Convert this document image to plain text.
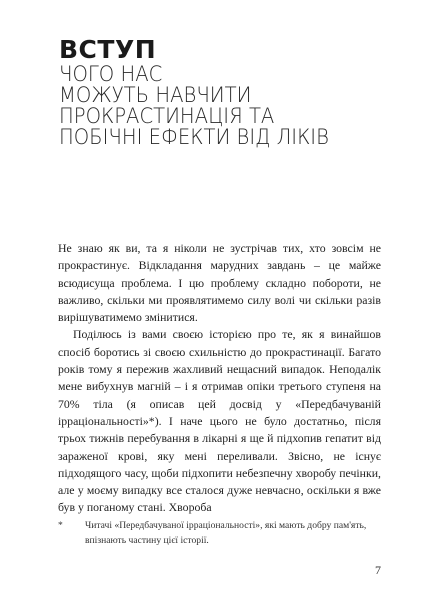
ВСТУП
ЧОГО НАС
МОЖУТЬ НАВЧИТИ
ПРОКРАСТИНАЦІЯ ТА
ПОБІЧНІ ЕФЕКТИ ВІД ЛІКІВ

Не знаю як ви, та я ніколи не зустрічав тих, хто зовсім не прокрастинує. Відкладання марудних завдань – це майже всюдисуща проблема. І цю проблему складно побороти, не важливо, скільки ми проявлятимемо силу волі чи скільки разів вирішуватимемо змінитися.

Поділюсь із вами своєю історією про те, як я винайшов спосіб боротись зі своєю схильністю до прокрастинації. Багато років тому я пережив жахливий нещасний випадок. Неподалік мене вибухнув магній – і я отримав опіки третього ступеня на 70% тіла (я описав цей досвід у «Передбачуваній ірраціональності»*). І наче цього не було достатньо, після трьох тижнів перебування в лікарні я ще й підхопив гепатит від зараженої крові, яку мені переливали. Звісно, не існує підходящого часу, щоби підхопити небезпечну хворобу печінки, але у моєму випадку все сталося дуже невчасно, оскільки я вже був у поганому стані. Хвороба

* Читачі «Передбачуваної ірраціональності», які мають добру пам'ять, впізнають частину цієї історії.
7
